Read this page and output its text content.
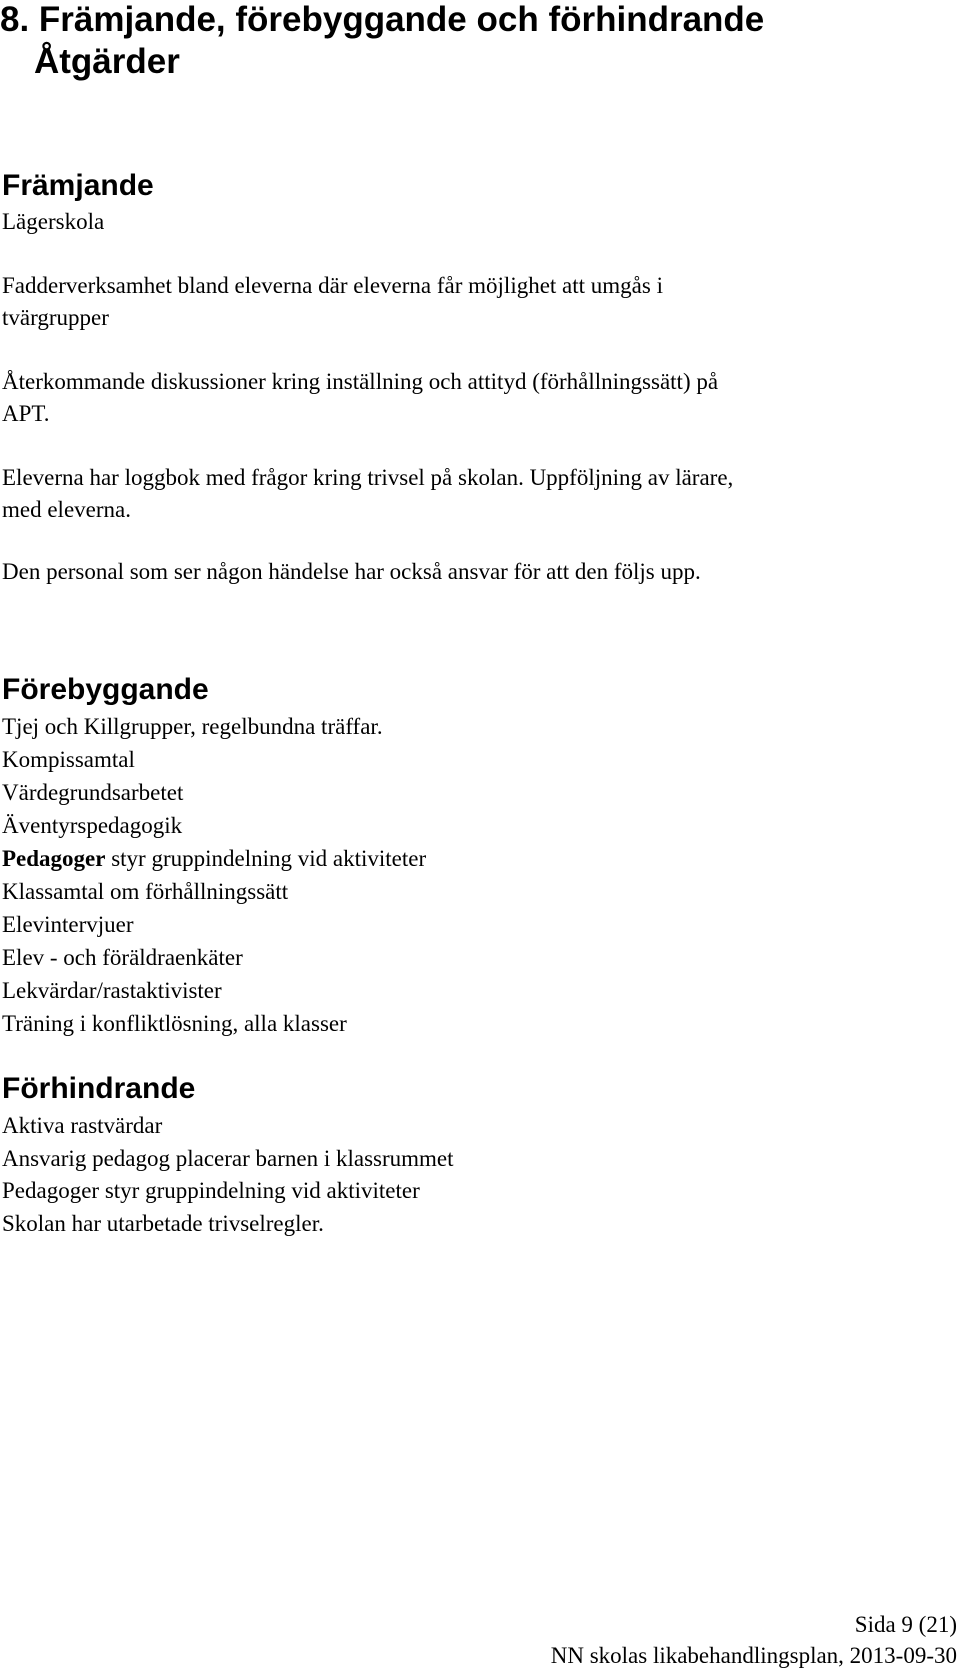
8. Främjande, förebyggande och förhindrande
Åtgärder
Främjande
Lägerskola
Fadderverksamhet bland eleverna där eleverna får möjlighet att umgås i
tvärgrupper
Återkommande diskussioner kring inställning och attityd (förhållningssätt) på
APT.
Eleverna har loggbok med frågor kring trivsel på skolan. Uppföljning av lärare,
med eleverna.
Den personal som ser någon händelse har också ansvar för att den följs upp.
Förebyggande
Tjej och Killgrupper, regelbundna träffar.
Kompissamtal
Värdegrundsarbetet
Äventyrspedagogik
Pedagoger styr gruppindelning vid aktiviteter
Klassamtal om förhållningssätt
Elevintervjuer
Elev - och föräldraenkäter
Lekvärdar/rastaktivister
Träning i konfliktlösning, alla klasser
Förhindrande
Aktiva rastvärdar
Ansvarig pedagog placerar barnen i klassrummet
Pedagoger styr gruppindelning vid aktiviteter
Skolan har utarbetade trivselregler.
Sida 9 (21)
NN skolas likabehandlingsplan, 2013-09-30
